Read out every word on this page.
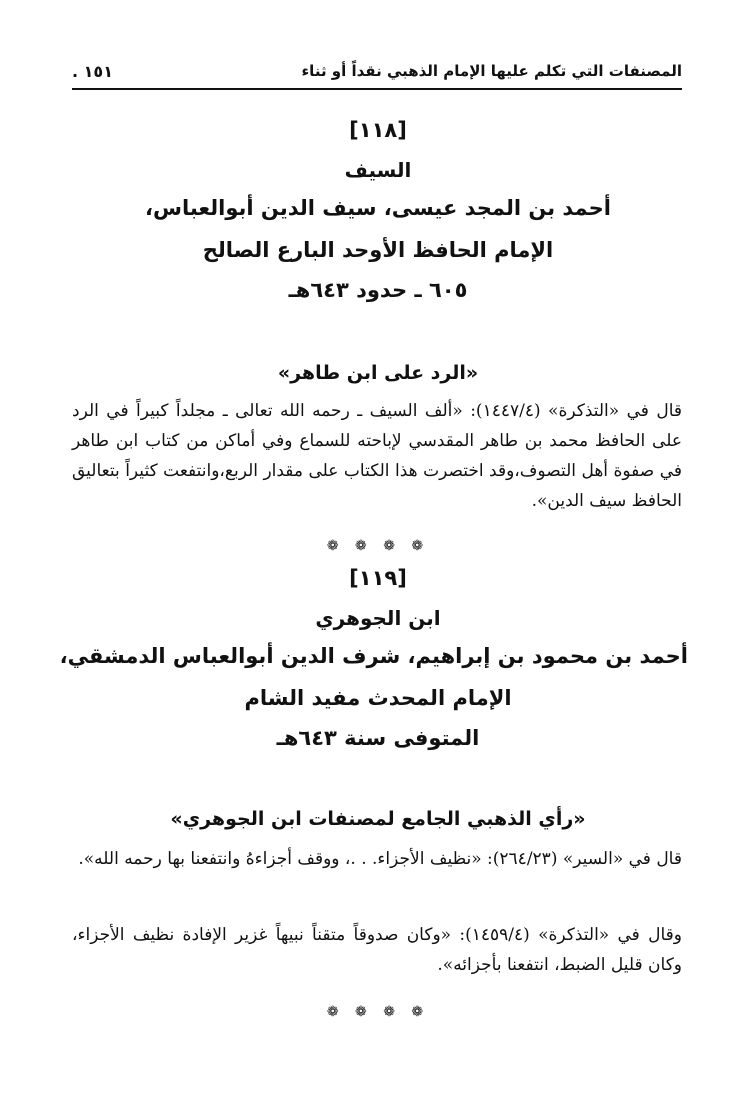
المصنفات التي تكلم عليها الإمام الذهبي نقداً أو ثناء
١٥١ .
[١١٨]
السيف
أحمد بن المجد عيسى، سيف الدين أبوالعباس،
الإمام الحافظ الأوحد البارع الصالح
٦٠٥ ـ حدود ٦٤٣هـ
«الرد على ابن طاهر»
قال في «التذكرة» (١٤٤٧/٤): «ألف السيف ـ رحمه الله تعالى ـ مجلداً كبيراً في الرد على الحافظ محمد بن طاهر المقدسي لإباحته للسماع وفي أماكن من كتاب ابن طاهر في صفوة أهل التصوف،وقد اختصرت هذا الكتاب على مقدار الربع،وانتفعت كثيراً بتعاليق الحافظ سيف الدين».
❁ ❁ ❁ ❁
[١١٩]
ابن الجوهري
أحمد بن محمود بن إبراهيم، شرف الدين أبوالعباس الدمشقي،
الإمام المحدث مفيد الشام
المتوفى سنة ٦٤٣هـ
«رأي الذهبي الجامع لمصنفات ابن الجوهري»
قال في «السير» (٢٦٤/٢٣): «نظيف الأجزاء. . .، ووقف أجزاءهُ وانتفعنا بها رحمه الله».
وقال في «التذكرة» (١٤٥٩/٤): «وكان صدوقاً متقناً نبيهاً غزير الإفادة نظيف الأجزاء، وكان قليل الضبط، انتفعنا بأجزائه».
❁ ❁ ❁ ❁
